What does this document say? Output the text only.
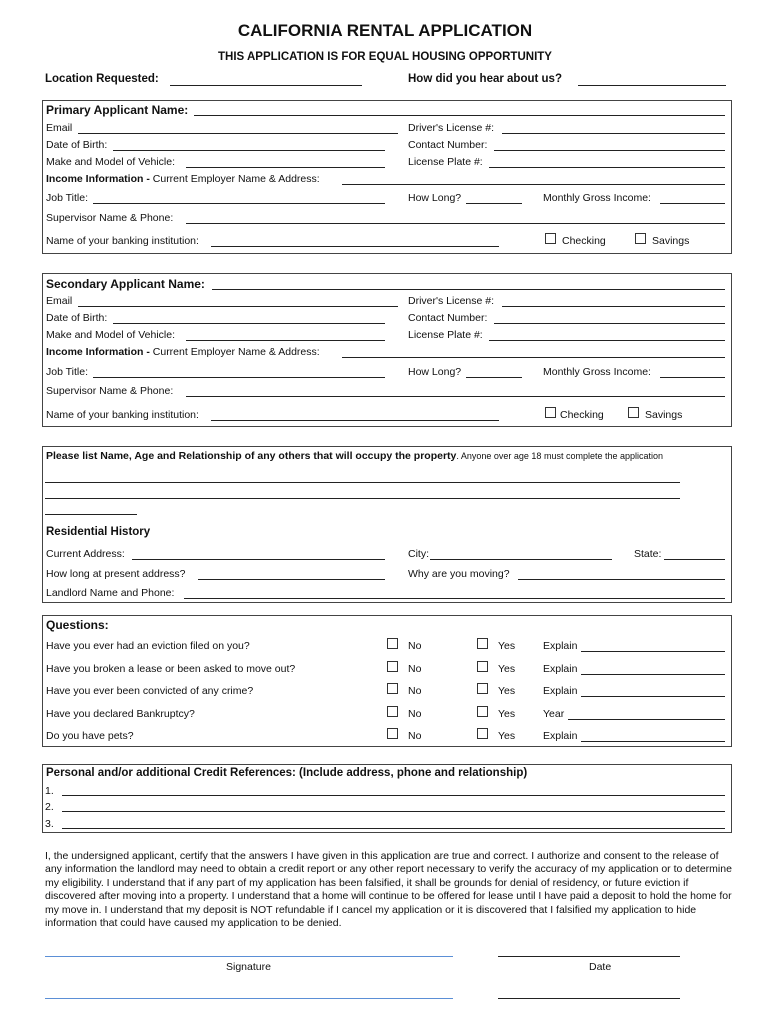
CALIFORNIA RENTAL APPLICATION
THIS APPLICATION IS FOR EQUAL HOUSING OPPORTUNITY
Location Requested:	How did you hear about us?
Primary Applicant Name:
Email	Driver's License #:
Date of Birth:	Contact Number:
Make and Model of Vehicle:	License Plate #:
Income Information - Current Employer Name & Address:
Job Title:	How Long?	Monthly Gross Income:
Supervisor Name & Phone:
Name of your banking institution:	Checking	Savings
Secondary Applicant Name:
Email	Driver's License #:
Date of Birth:	Contact Number:
Make and Model of Vehicle:	License Plate #:
Income Information - Current Employer Name & Address:
Job Title:	How Long?	Monthly Gross Income:
Supervisor Name & Phone:
Name of your banking institution:	Checking	Savings
Please list Name, Age and Relationship of any others that will occupy the property. Anyone over age 18 must complete the application
Residential History
Current Address:	City:	State:
How long at present address?	Why are you moving?
Landlord Name and Phone:
Questions:
Have you ever had an eviction filed on you?	No	Yes	Explain
Have you broken a lease or been asked to move out?	No	Yes	Explain
Have you ever been convicted of any crime?	No	Yes	Explain
Have you declared Bankruptcy?	No	Yes	Year
Do you have pets?	No	Yes	Explain
Personal and/or additional Credit References: (Include address, phone and relationship)
1.
2.
3.
I, the undersigned applicant, certify that the answers I have given in this application are true and correct. I authorize and consent to the release of any information the landlord may need to obtain a credit report or any other report necessary to verify the accuracy of my application or to determine my eligibility. I understand that if any part of my application has been falsified, it shall be grounds for denial of residency, or future eviction if discovered after moving into a property. I understand that a home will continue to be offered for lease until I have paid a deposit to hold the home for my move in. I understand that my deposit is NOT refundable if I cancel my application or it is discovered that I falsified my application to hide information that could have caused my application to be denied.
Signature	Date
